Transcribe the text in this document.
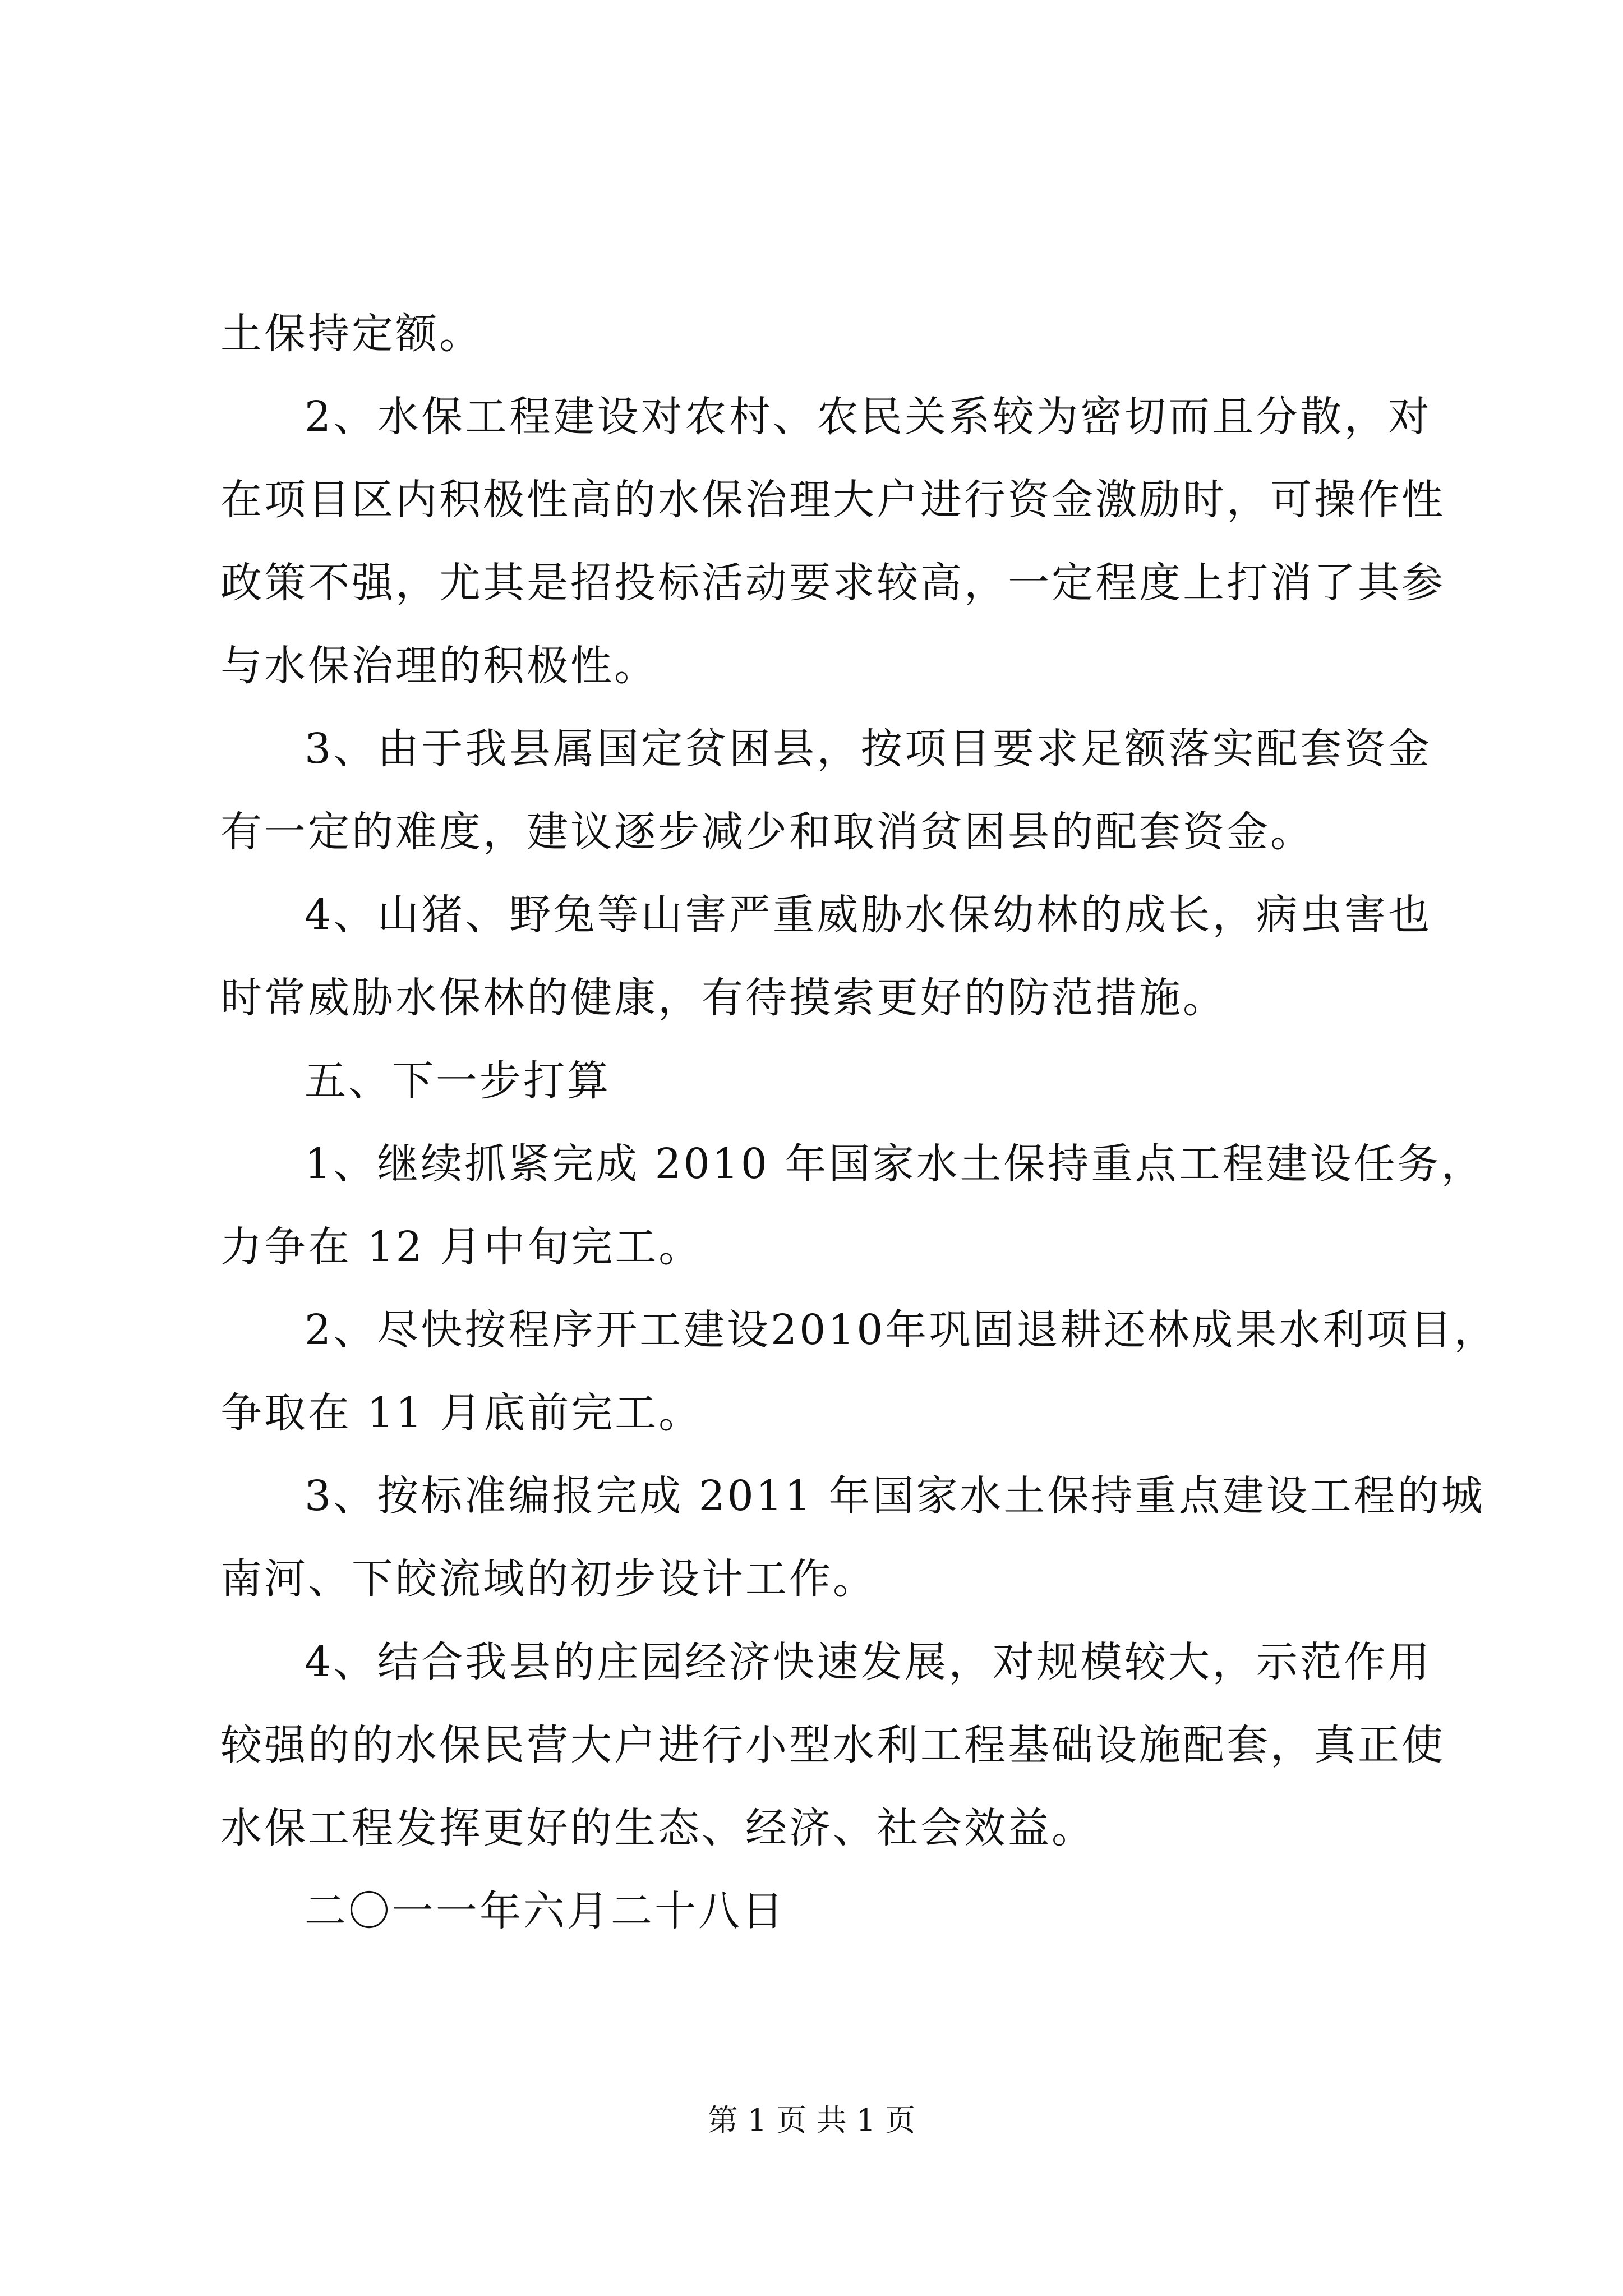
土保持定额。
2、水保工程建设对农村、农民关系较为密切而且分散，对
在项目区内积极性高的水保治理大户进行资金激励时，可操作性
政策不强，尤其是招投标活动要求较高，一定程度上打消了其参
与水保治理的积极性。
3、由于我县属国定贫困县，按项目要求足额落实配套资金
有一定的难度，建议逐步减少和取消贫困县的配套资金。
4、山猪、野兔等山害严重威胁水保幼林的成长，病虫害也
时常威胁水保林的健康，有待摸索更好的防范措施。
五、下一步打算
1、继续抓紧完成 2010 年国家水土保持重点工程建设任务，
力争在 12 月中旬完工。
2、尽快按程序开工建设2010年巩固退耕还林成果水利项目，
争取在 11 月底前完工。
3、按标准编报完成 2011 年国家水土保持重点建设工程的城
南河、下皎流域的初步设计工作。
4、结合我县的庄园经济快速发展，对规模较大，示范作用
较强的的水保民营大户进行小型水利工程基础设施配套，真正使
水保工程发挥更好的生态、经济、社会效益。
二〇一一年六月二十八日
第 1 页 共 1 页
